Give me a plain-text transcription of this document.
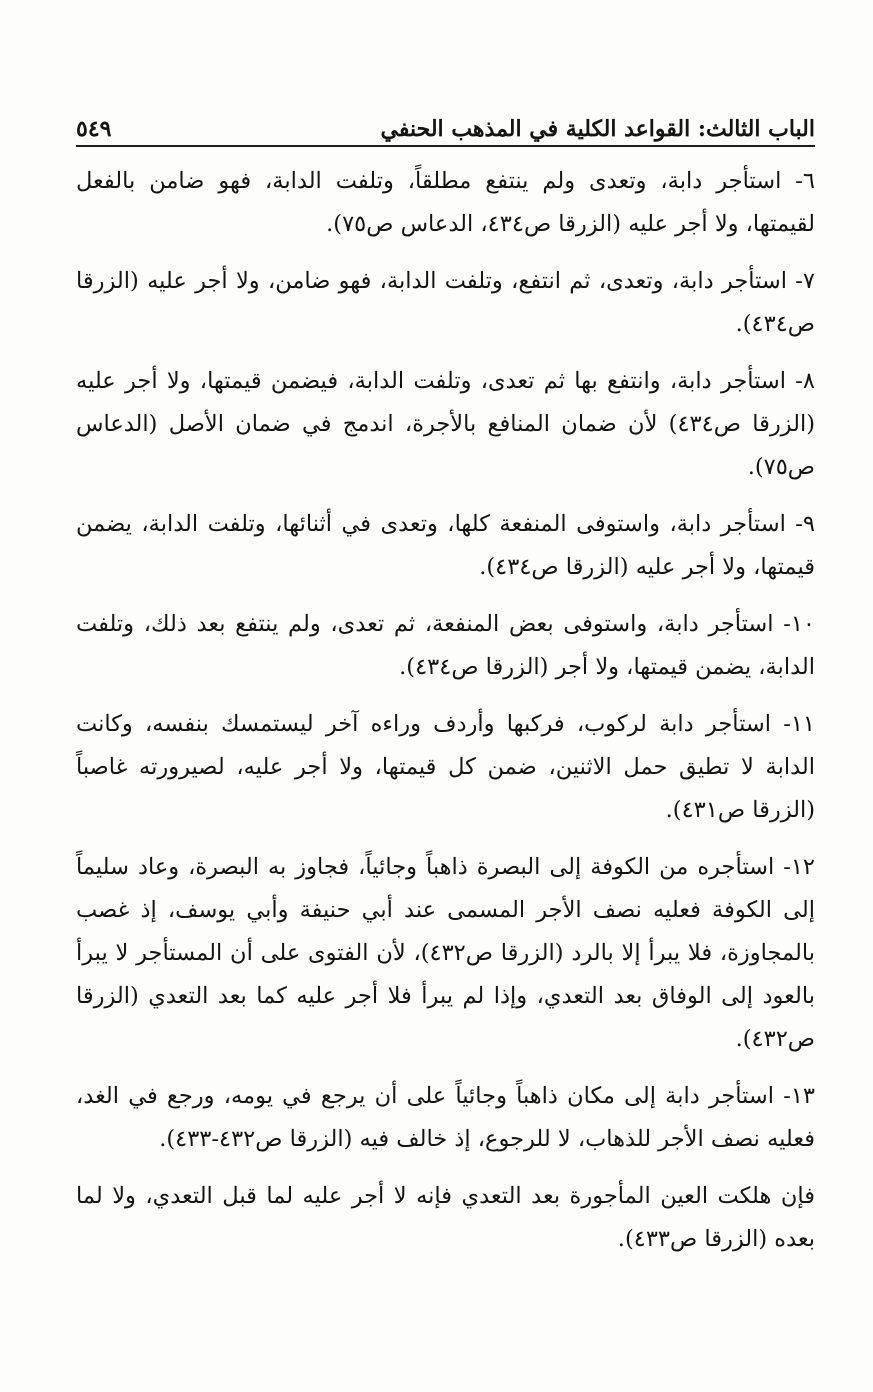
الباب الثالث: القواعد الكلية في المذهب الحنفي
٥٤٩

٦- استأجر دابة، وتعدى ولم ينتفع مطلقاً، وتلفت الدابة، فهو ضامن بالفعل لقيمتها، ولا أجر عليه (الزرقا ص٤٣٤، الدعاس ص٧٥).

٧- استأجر دابة، وتعدى، ثم انتفع، وتلفت الدابة، فهو ضامن، ولا أجر عليه (الزرقا ص٤٣٤).

٨- استأجر دابة، وانتفع بها ثم تعدى، وتلفت الدابة، فيضمن قيمتها، ولا أجر عليه (الزرقا ص٤٣٤) لأن ضمان المنافع بالأجرة، اندمج في ضمان الأصل (الدعاس ص٧٥).

٩- استأجر دابة، واستوفى المنفعة كلها، وتعدى في أثنائها، وتلفت الدابة، يضمن قيمتها، ولا أجر عليه (الزرقا ص٤٣٤).

١٠- استأجر دابة، واستوفى بعض المنفعة، ثم تعدى، ولم ينتفع بعد ذلك، وتلفت الدابة، يضمن قيمتها، ولا أجر (الزرقا ص٤٣٤).

١١- استأجر دابة لركوب، فركبها وأردف وراءه آخر ليستمسك بنفسه، وكانت الدابة لا تطيق حمل الاثنين، ضمن كل قيمتها، ولا أجر عليه، لصيرورته غاصباً (الزرقا ص٤٣١).

١٢- استأجره من الكوفة إلى البصرة ذاهباً وجائياً، فجاوز به البصرة، وعاد سليماً إلى الكوفة فعليه نصف الأجر المسمى عند أبي حنيفة وأبي يوسف، إذ غصب بالمجاوزة، فلا يبرأ إلا بالرد (الزرقا ص٤٣٢)، لأن الفتوى على أن المستأجر لا يبرأ بالعود إلى الوفاق بعد التعدي، وإذا لم يبرأ فلا أجر عليه كما بعد التعدي (الزرقا ص٤٣٢).

١٣- استأجر دابة إلى مكان ذاهباً وجائياً على أن يرجع في يومه، ورجع في الغد، فعليه نصف الأجر للذهاب، لا للرجوع، إذ خالف فيه (الزرقا ص٤٣٢-٤٣٣).

فإن هلكت العين المأجورة بعد التعدي فإنه لا أجر عليه لما قبل التعدي، ولا لما بعده (الزرقا ص٤٣٣).
